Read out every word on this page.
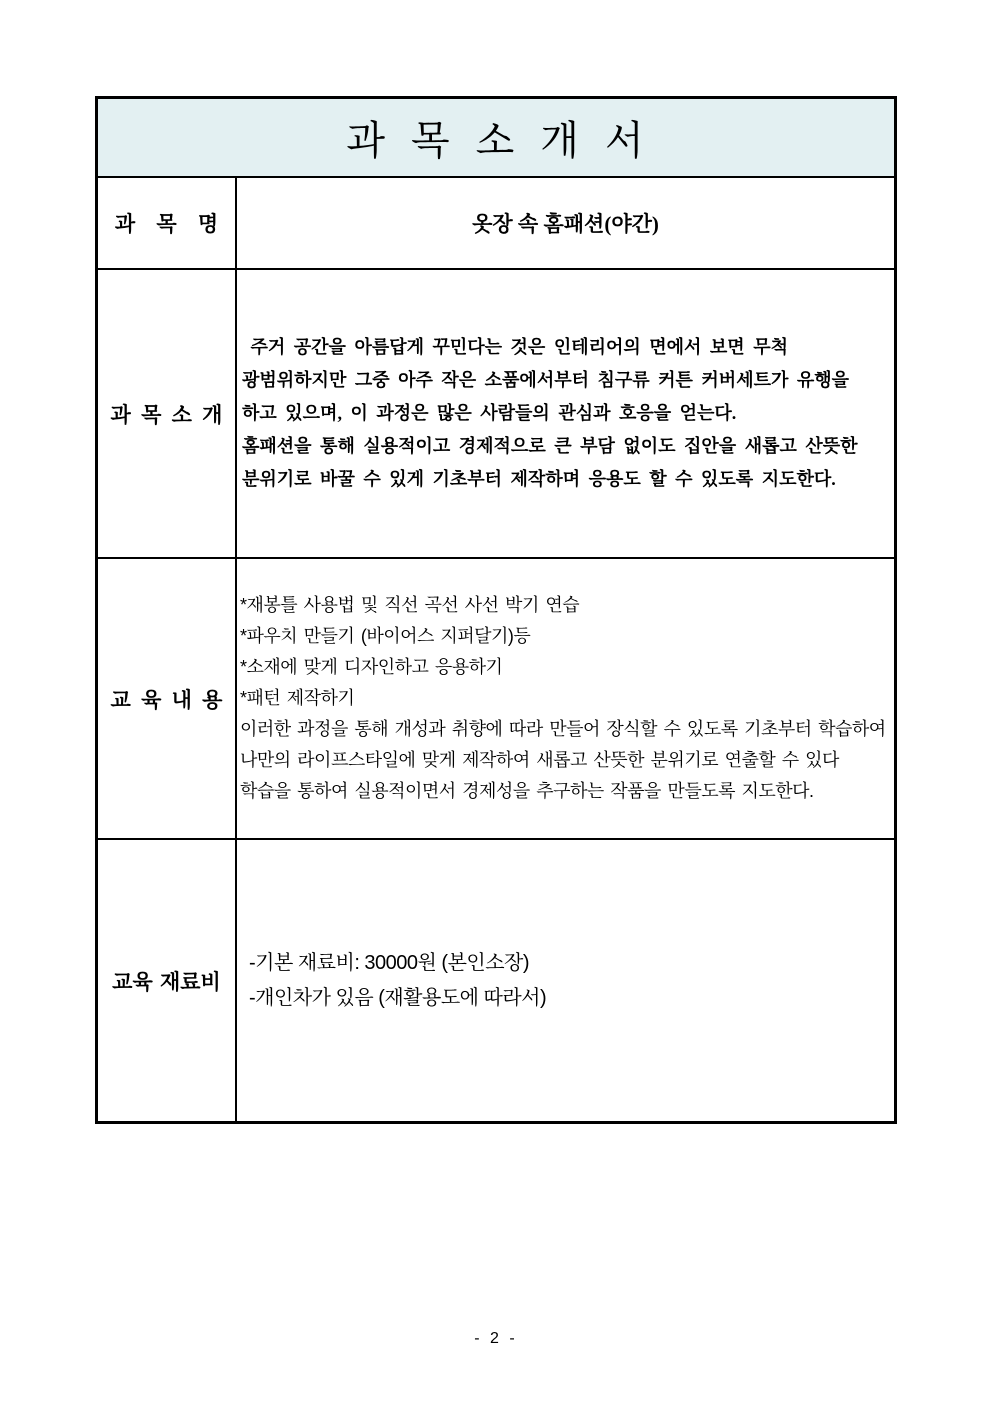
과 목 소 개 서
과 목 명	옷장 속 홈패션(야간)
과 목 소 개
주거 공간을 아름답게 꾸민다는 것은 인테리어의 면에서 보면 무척
광범위하지만 그중 아주 작은 소품에서부터 침구류 커튼 커버세트가 유행을
하고 있으며, 이 과정은 많은 사람들의 관심과 호응을 얻는다.
홈패션을 통해 실용적이고 경제적으로 큰 부담 없이도 집안을 새롭고 산뜻한
분위기로 바꿀 수 있게 기초부터 제작하며 응용도 할 수 있도록 지도한다.
교 육 내 용
*재봉틀 사용법 및 직선 곡선 사선 박기 연습
*파우치 만들기 (바이어스 지퍼달기)등
*소재에 맞게 디자인하고 응용하기
*패턴 제작하기
이러한 과정을 통해 개성과 취향에 따라 만들어 장식할 수 있도록 기초부터 학습하여
나만의 라이프스타일에 맞게 제작하여 새롭고 산뜻한 분위기로 연출할 수 있다
학습을 통하여 실용적이면서 경제성을 추구하는 작품을 만들도록 지도한다.
교육 재료비
-기본 재료비: 30000원 (본인소장)
-개인차가 있음 (재활용도에 따라서)
- 2 -
